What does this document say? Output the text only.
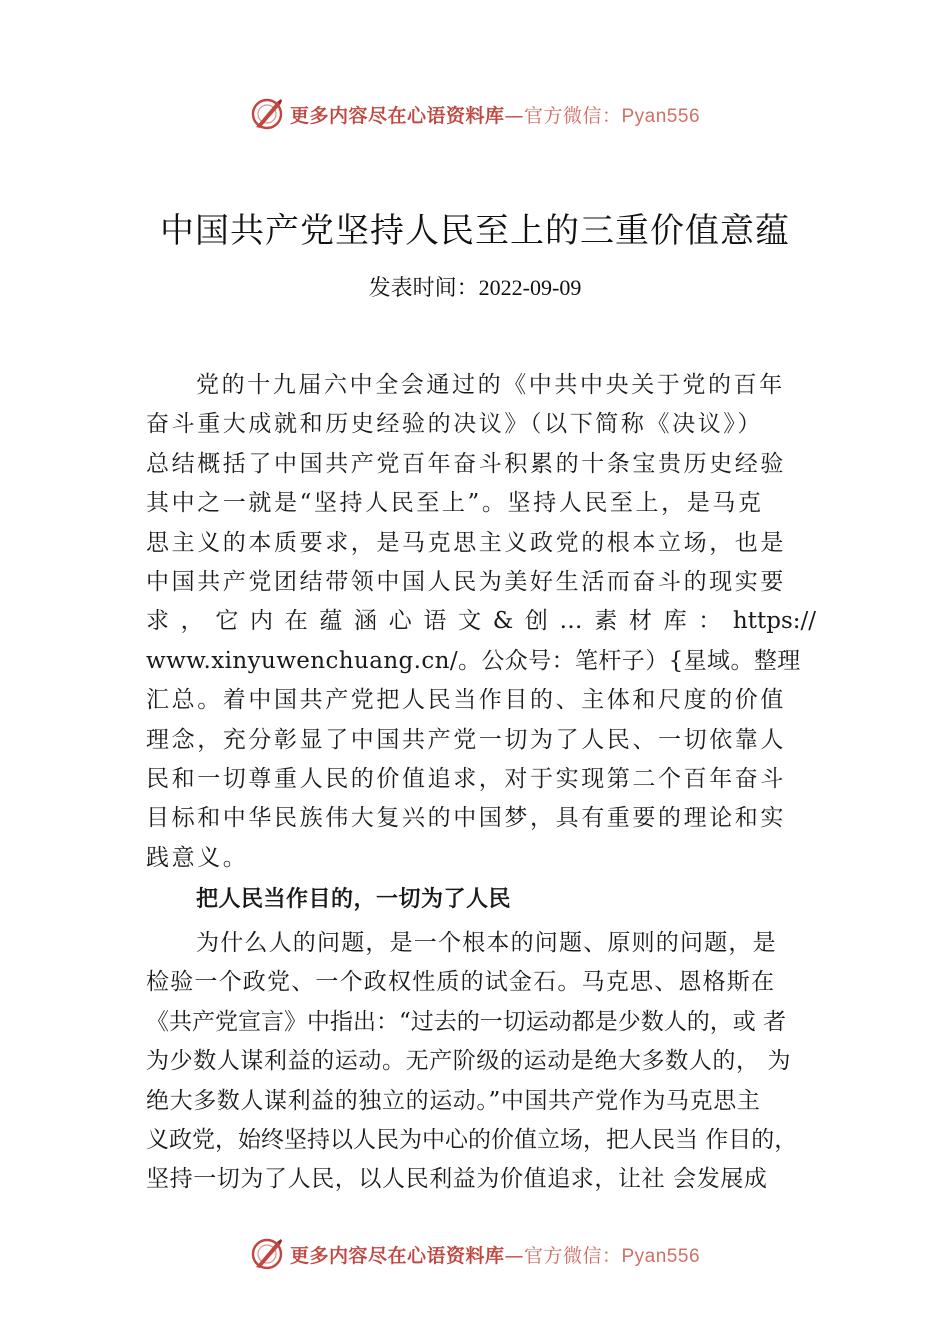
更多内容尽在心语资料库—官方微信：Pyan556
中国共产党坚持人民至上的三重价值意蕴
发表时间：2022-09-09
党的十九届六中全会通过的《中共中央关于党的百年
奋斗重大成就和历史经验的决议》（以下简称《决议》）
总结概括了中国共产党百年奋斗积累的十条宝贵历史经验
其中之一就是“坚持人民至上”。坚持人民至上，是马克
思主义的本质要求，是马克思主义政党的根本立场，也是
中国共产党团结带领中国人民为美好生活而奋斗的现实要
求，它内在蕴涵心语文&创…素材库：https://
www.xinyuwenchuang.cn/。公众号：笔杆子）{星域。整理
汇总。着中国共产党把人民当作目的、主体和尺度的价值
理念，充分彰显了中国共产党一切为了人民、一切依靠人
民和一切尊重人民的价值追求，对于实现第二个百年奋斗
目标和中华民族伟大复兴的中国梦，具有重要的理论和实
践意义。
把人民当作目的，一切为了人民
为什么人的问题，是一个根本的问题、原则的问题，是
检验一个政党、一个政权性质的试金石。马克思、恩格斯在
《共产党宣言》中指出：“过去的一切运动都是少数人的，或 者
为少数人谋利益的运动。无产阶级的运动是绝大多数人的， 为
绝大多数人谋利益的独立的运动。”中国共产党作为马克思主
义政党，始终坚持以人民为中心的价值立场，把人民当 作目的，
坚持一切为了人民，以人民利益为价值追求，让社 会发展成
更多内容尽在心语资料库—官方微信：Pyan556
